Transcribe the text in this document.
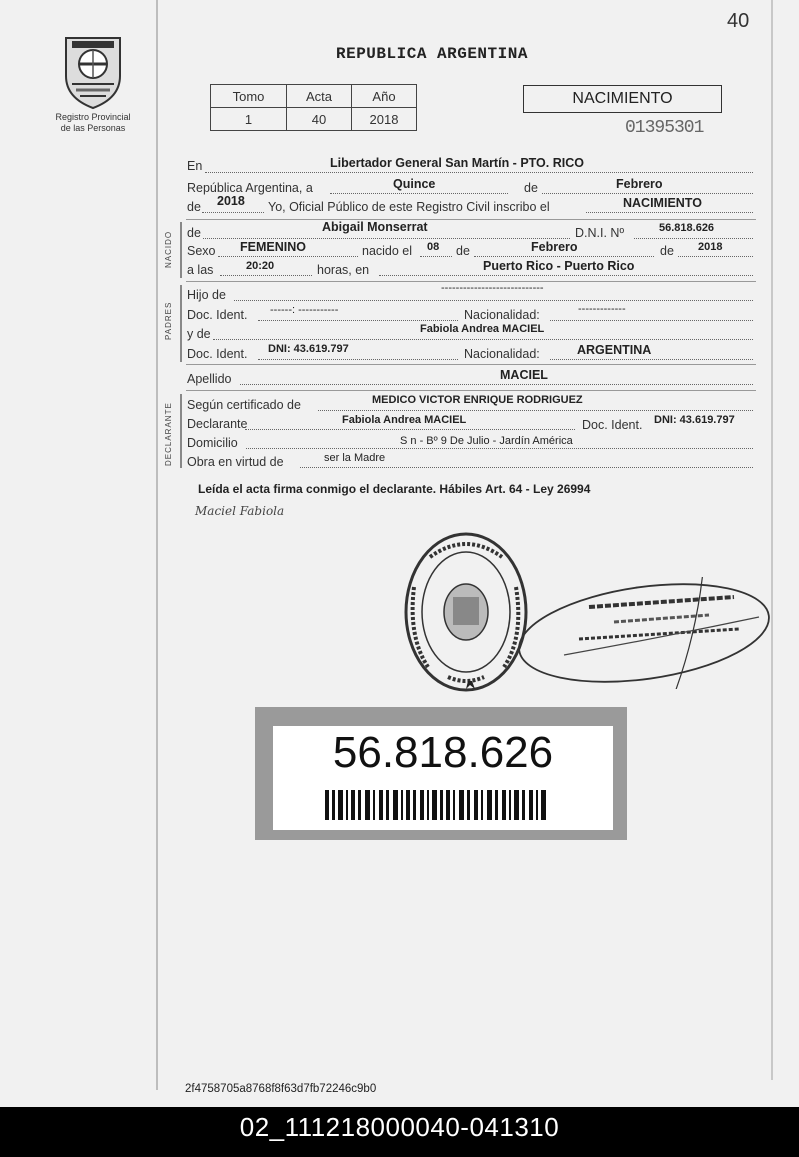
40
Registro Provincial
de las Personas
REPUBLICA ARGENTINA
Tomo	Acta	Año
1	40	2018
NACIMIENTO
01395301
En	Libertador General San Martín - PTO. RICO
República Argentina, a	Quince	de	Febrero
de 2018 Yo, Oficial Público de este Registro Civil inscribo el	NACIMIENTO
NACIDO de	Abigail Monserrat	D.N.I. Nº	56.818.626
Sexo FEMENINO	nacido el 08 de	Febrero	de 2018
a las	20:20	horas, en	Puerto Rico - Puerto Rico
PADRES
Hijo de	----------------------------
Doc. Ident. ------: -----------	Nacionalidad:	-------------
y de	Fabiola Andrea MACIEL
Doc. Ident. DNI: 43.619.797	Nacionalidad:	ARGENTINA
Apellido	MACIEL
DECLARANTE Según certificado de	MEDICO VICTOR ENRIQUE RODRIGUEZ
Declarante	Fabiola Andrea MACIEL	Doc. Ident. DNI: 43.619.797
Domicilio	S n - Bº 9 De Julio - Jardín América
Obra en virtud de	ser la Madre
Leída el acta firma conmigo el declarante. Hábiles Art. 64 - Ley 26994
Maciel Fabiola
56.818.626
2f4758705a8768f8f63d7fb72246c9b0
02_111218000040-041310
